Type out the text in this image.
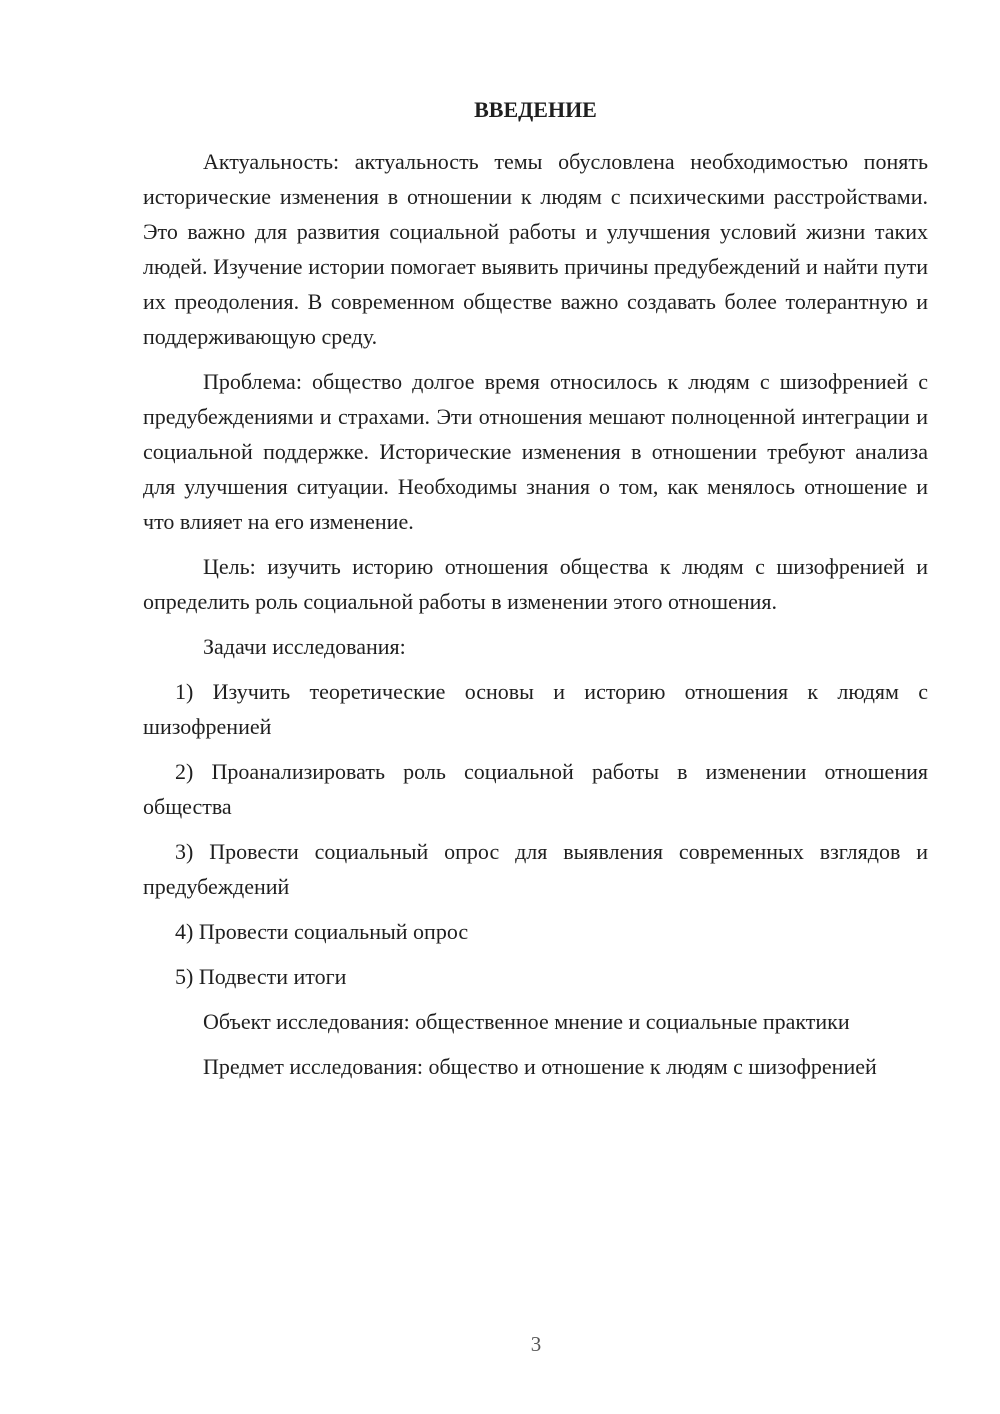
ВВЕДЕНИЕ

Актуальность: актуальность темы обусловлена необходимостью понять исторические изменения в отношении к людям с психическими расстройствами. Это важно для развития социальной работы и улучшения условий жизни таких людей. Изучение истории помогает выявить причины предубеждений и найти пути их преодоления. В современном обществе важно создавать более толерантную и поддерживающую среду.

Проблема: общество долгое время относилось к людям с шизофренией с предубеждениями и страхами. Эти отношения мешают полноценной интеграции и социальной поддержке. Исторические изменения в отношении требуют анализа для улучшения ситуации. Необходимы знания о том, как менялось отношение и что влияет на его изменение.

Цель: изучить историю отношения общества к людям с шизофренией и определить роль социальной работы в изменении этого отношения.

Задачи исследования:

1) Изучить теоретические основы и историю отношения к людям с шизофренией

2) Проанализировать роль социальной работы в изменении отношения общества

3) Провести социальный опрос для выявления современных взглядов и предубеждений

4) Провести социальный опрос

5) Подвести итоги

Объект исследования: общественное мнение и социальные практики

Предмет исследования: общество и отношение к людям с шизофренией

3
